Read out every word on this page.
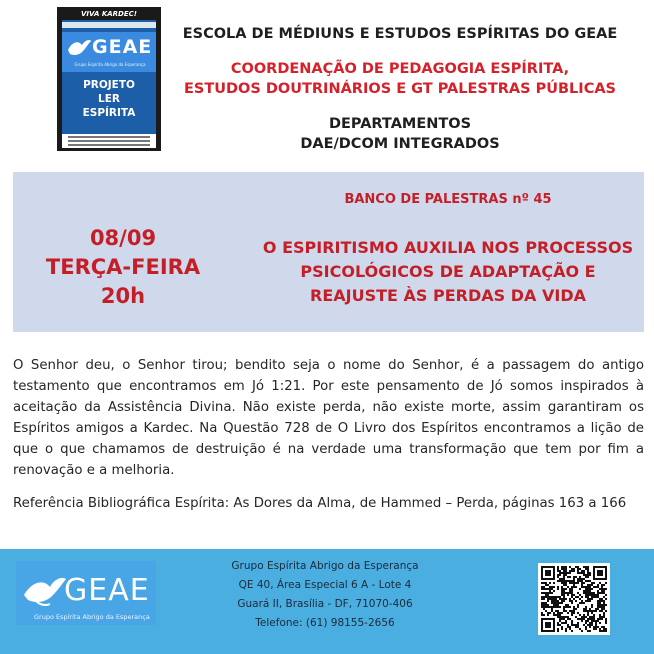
VIVA KARDEC!
GEAE
Grupo Espírita Abrigo da Esperança
PROJETO
LER
ESPÍRITA
ESCOLA DE MÉDIUNS E ESTUDOS ESPÍRITAS DO GEAE
COORDENAÇÃO DE PEDAGOGIA ESPÍRITA,
ESTUDOS DOUTRINÁRIOS E GT PALESTRAS PÚBLICAS
DEPARTAMENTOS
DAE/DCOM INTEGRADOS
08/09
TERÇA-FEIRA
20h
BANCO DE PALESTRAS nº 45
O ESPIRITISMO AUXILIA NOS PROCESSOS
PSICOLÓGICOS DE ADAPTAÇÃO E
REAJUSTE ÀS PERDAS DA VIDA
O Senhor deu, o Senhor tirou; bendito seja o nome do Senhor, é a passagem do antigo testamento que encontramos em Jó 1:21. Por este pensamento de Jó somos inspirados à aceitação da Assistência Divina. Não existe perda, não existe morte, assim garantiram os Espíritos amigos a Kardec. Na Questão 728 de O Livro dos Espíritos encontramos a lição de que o que chamamos de destruição é na verdade uma transformação que tem por fim a renovação e a melhoria.
Referência Bibliográfica Espírita: As Dores da Alma, de Hammed – Perda, páginas 163 a 166
GEAE
Grupo Espírita Abrigo da Esperança
Grupo Espírita Abrigo da Esperança
QE 40, Área Especial 6 A - Lote 4
Guará II, Brasília - DF, 71070-406
Telefone: (61) 98155-2656
